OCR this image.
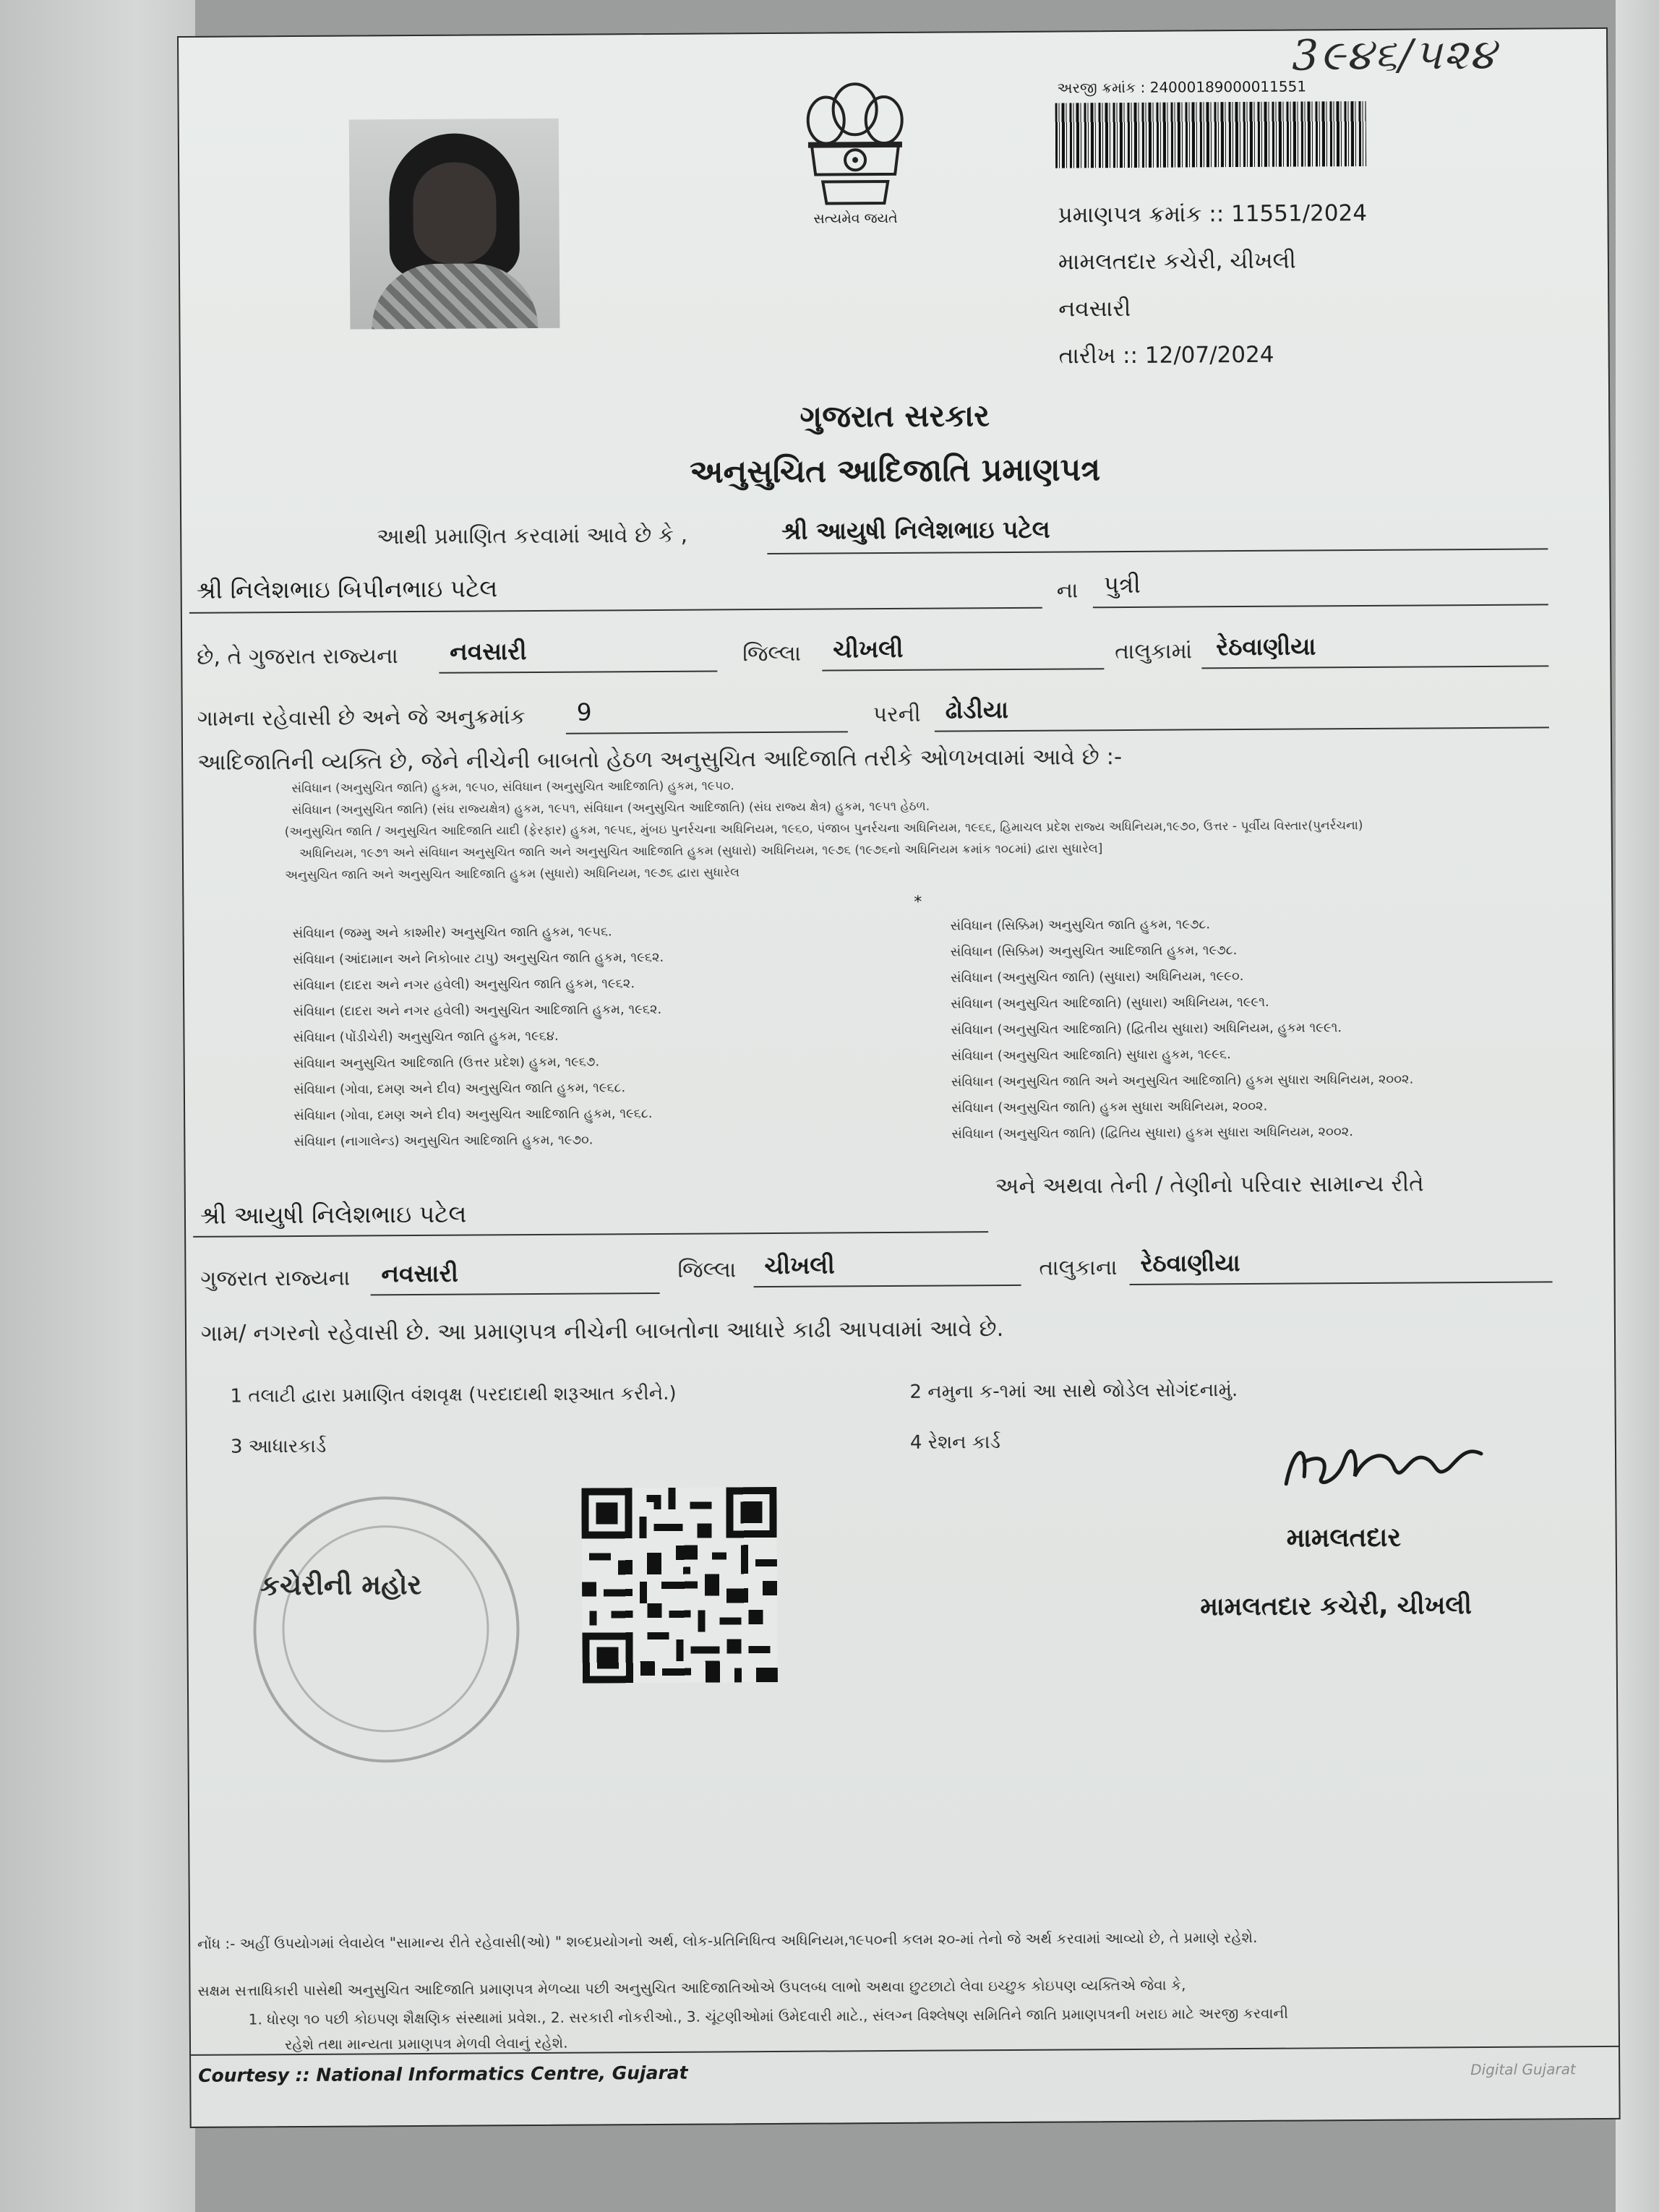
3૯૪૬/૫૨૪
સત્યમેવ જયતે
અરજી ક્રમાંક : 24000189000011551
પ્રમાણપત્ર ક્રમાંક :: 11551/2024
મામલતદાર કચેરી, ચીખલી
નવસારી
તારીખ :: 12/07/2024
ગુજરાત સરકાર
અનુસુચિત આદિજાતિ પ્રમાણપત્ર
આથી પ્રમાણિત કરવામાં આવે છે કે ,	શ્રી આયુષી નિલેશભાઇ પટેલ
શ્રી નિલેશભાઇ બિપીનભાઇ પટેલ	ના પુત્રી
છે, તે ગુજરાત રાજ્યના નવસારી	જિલ્લા ચીખલી	તાલુકામાં રેઠવાણીયા
ગામના રહેવાસી છે અને જે અનુક્રમાંક 9	પરની ઢોડીયા
આદિજાતિની વ્યક્તિ છે, જેને નીચેની બાબતો હેઠળ અનુસુચિત આદિજાતિ તરીકે ઓળખવામાં આવે છે :-
સંવિધાન (અનુસુચિત જાતિ) હુકમ, ૧૯૫૦, સંવિધાન (અનુસુચિત આદિજાતિ) હુકમ, ૧૯૫૦.
સંવિધાન (અનુસુચિત જાતિ) (સંઘ રાજ્યક્ષેત્ર) હુકમ, ૧૯૫૧, સંવિધાન (અનુસુચિત આદિજાતિ) (સંઘ રાજ્ય ક્ષેત્ર) હુકમ, ૧૯૫૧ હેઠળ.
(અનુસુચિત જાતિ / અનુસુચિત આદિજાતિ યાદી (ફેરફાર) હુકમ, ૧૯૫૬, મુંબઇ પુનર્રચના અધિનિયમ, ૧૯૬૦, પંજાબ પુનર્રચના અધિનિયમ, ૧૯૬૬, હિમાચલ પ્રદેશ રાજ્ય અધિનિયમ,૧૯૭૦, ઉત્તર - પૂર્વીય વિસ્તાર(પુનર્રચના)
અધિનિયમ, ૧૯૭૧ અને સંવિધાન અનુસુચિત જાતિ અને અનુસુચિત આદિજાતિ હુકમ (સુધારો) અધિનિયમ, ૧૯૭૬ (૧૯૭૬નો અધિનિયમ ક્રમાંક ૧૦૮માં) દ્વારા સુધારેલ]
અનુસુચિત જાતિ અને અનુસુચિત આદિજાતિ હુકમ (સુધારો) અધિનિયમ, ૧૯૭૬ દ્વારા સુધારેલ
*
સંવિધાન (જમ્મુ અને કાશ્મીર) અનુસુચિત જાતિ હુકમ, ૧૯૫૬.
સંવિધાન (આંદામાન અને નિકોબાર ટાપુ) અનુસુચિત જાતિ હુકમ, ૧૯૬૨.
સંવિધાન (દાદરા અને નગર હવેલી) અનુસુચિત જાતિ હુકમ, ૧૯૬૨.
સંવિધાન (દાદરા અને નગર હવેલી) અનુસુચિત આદિજાતિ હુકમ, ૧૯૬૨.
સંવિધાન (પોંડીચેરી) અનુસુચિત જાતિ હુકમ, ૧૯૬૪.
સંવિધાન અનુસુચિત આદિજાતિ (ઉત્તર પ્રદેશ) હુકમ, ૧૯૬૭.
સંવિધાન (ગોવા, દમણ અને દીવ) અનુસુચિત જાતિ હુકમ, ૧૯૬૮.
સંવિધાન (ગોવા, દમણ અને દીવ) અનુસુચિત આદિજાતિ હુકમ, ૧૯૬૮.
સંવિધાન (નાગાલેન્ડ) અનુસુચિત આદિજાતિ હુકમ, ૧૯૭૦.
સંવિધાન (સિક્કિમ) અનુસુચિત જાતિ હુકમ, ૧૯૭૮.
સંવિધાન (સિક્કિમ) અનુસુચિત આદિજાતિ હુકમ, ૧૯૭૮.
સંવિધાન (અનુસુચિત જાતિ) (સુધારા) અધિનિયમ, ૧૯૯૦.
સંવિધાન (અનુસુચિત આદિજાતિ) (સુધારા) અધિનિયમ, ૧૯૯૧.
સંવિધાન (અનુસુચિત આદિજાતિ) (દ્વિતીય સુધારા) અધિનિયમ, હુકમ ૧૯૯૧.
સંવિધાન (અનુસુચિત આદિજાતિ) સુધારા હુકમ, ૧૯૯૬.
સંવિધાન (અનુસુચિત જાતિ અને અનુસુચિત આદિજાતિ) હુકમ સુધારા અધિનિયમ, ૨૦૦૨.
સંવિધાન (અનુસુચિત જાતિ) હુકમ સુધારા અધિનિયમ, ૨૦૦૨.
સંવિધાન (અનુસુચિત જાતિ) (દ્વિતિય સુધારા) હુકમ સુધારા અધિનિયમ, ૨૦૦૨.
શ્રી આયુષી નિલેશભાઇ પટેલ
અને અથવા તેની / તેણીનો પરિવાર સામાન્ય રીતે
ગુજરાત રાજ્યના નવસારી	જિલ્લા ચીખલી	તાલુકાના રેઠવાણીયા
ગામ/ નગરનો રહેવાસી છે. આ પ્રમાણપત્ર નીચેની બાબતોના આધારે કાઢી આપવામાં આવે છે.
1 તલાટી દ્વારા પ્રમાણિત વંશવૃક્ષ (પરદાદાથી શરૂઆત કરીને.)	2 નમુના ક-૧માં આ સાથે જોડેલ સોગંદનામું.
3 આધારકાર્ડ	4 રેશન કાર્ડ
કચેરીની મહોર
મામલતદાર
મામલતદાર કચેરી, ચીખલી
નોંધ :- અહીં ઉપયોગમાં લેવાયેલ "સામાન્ય રીતે રહેવાસી(ઓ) " શબ્દપ્રયોગનો અર્થ, લોક-પ્રતિનિધિત્વ અધિનિયમ,૧૯૫૦ની કલમ ૨૦-માં તેનો જે અર્થ કરવામાં આવ્યો છે, તે પ્રમાણે રહેશે.
સક્ષમ સત્તાધિકારી પાસેથી અનુસુચિત આદિજાતિ પ્રમાણપત્ર મેળવ્યા પછી અનુસુચિત આદિજાતિઓએ ઉપલબ્ધ લાભો અથવા છુટછાટો લેવા ઇચ્છુક કોઇપણ વ્યક્તિએ જેવા કે,
1. ધોરણ ૧૦ પછી કોઇપણ શૈક્ષણિક સંસ્થામાં પ્રવેશ., 2. સરકારી નોકરીઓ., 3. ચૂંટણીઓમાં ઉમેદવારી માટે., સંલગ્ન વિશ્લેષણ સમિતિને જાતિ પ્રમાણપત્રની ખરાઇ માટે અરજી કરવાની
રહેશે તથા માન્યતા પ્રમાણપત્ર મેળવી લેવાનું રહેશે.
Courtesy :: National Informatics Centre, Gujarat	Digital Gujarat
